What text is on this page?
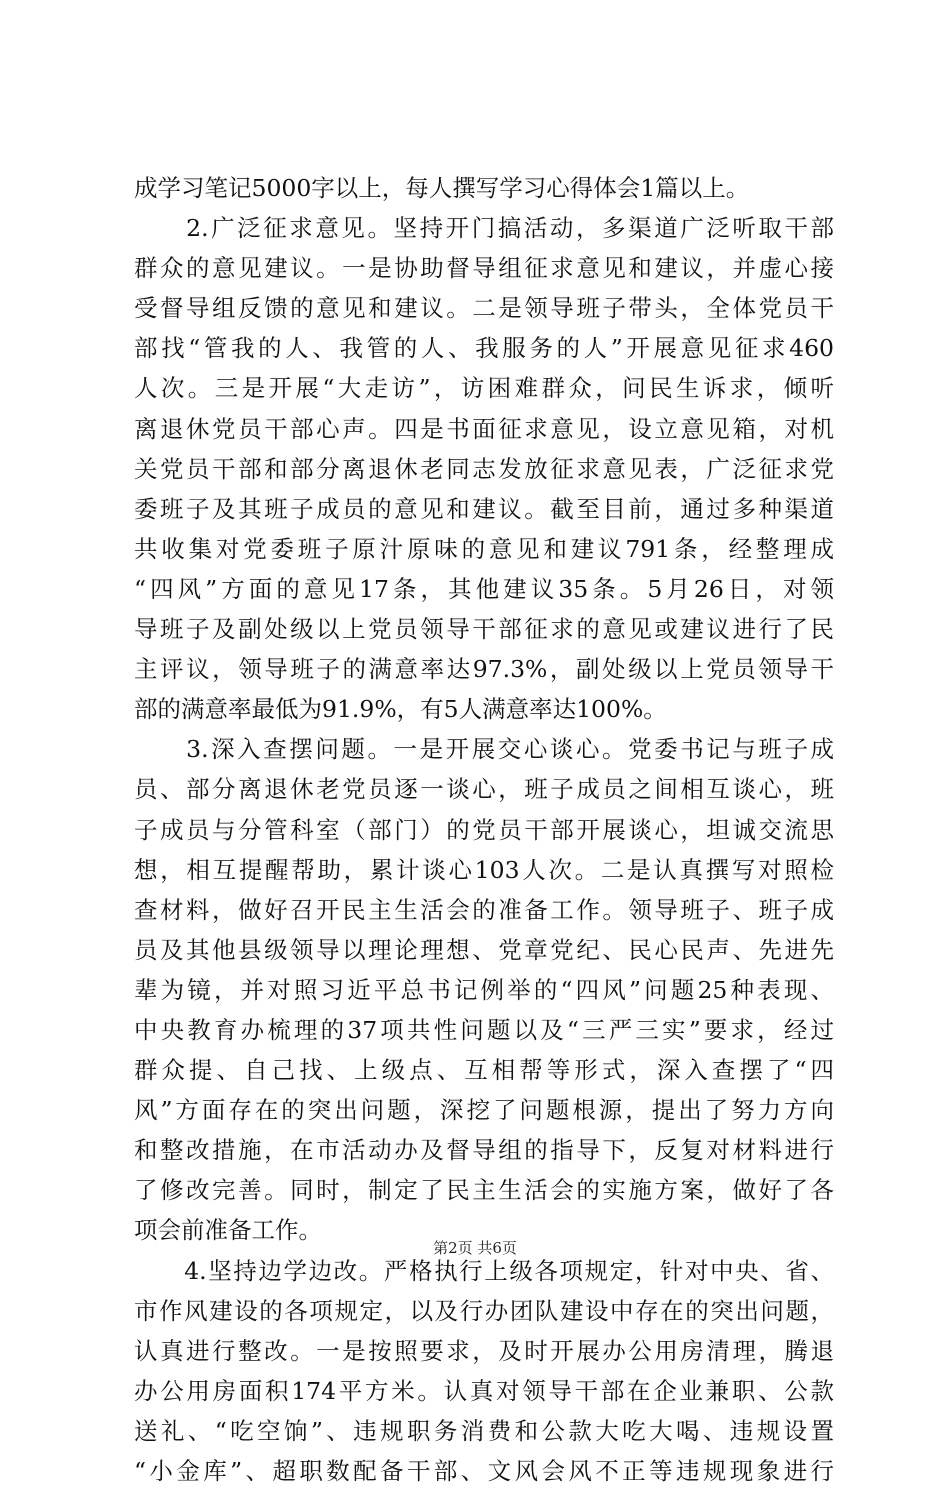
成学习笔记5000字以上，每人撰写学习心得体会1篇以上。
　　2.广泛征求意见。坚持开门搞活动，多渠道广泛听取干部
群众的意见建议。一是协助督导组征求意见和建议，并虚心接
受督导组反馈的意见和建议。二是领导班子带头，全体党员干
部找“管我的人、我管的人、我服务的人”开展意见征求460
人次。三是开展“大走访”，访困难群众，问民生诉求，倾听
离退休党员干部心声。四是书面征求意见，设立意见箱，对机
关党员干部和部分离退休老同志发放征求意见表，广泛征求党
委班子及其班子成员的意见和建议。截至目前，通过多种渠道
共收集对党委班子原汁原味的意见和建议791条，经整理成
“四风”方面的意见17条，其他建议35条。5月26日，对领
导班子及副处级以上党员领导干部征求的意见或建议进行了民
主评议，领导班子的满意率达97.3%，副处级以上党员领导干
部的满意率最低为91.9%，有5人满意率达100%。
　　3.深入查摆问题。一是开展交心谈心。党委书记与班子成
员、部分离退休老党员逐一谈心，班子成员之间相互谈心，班
子成员与分管科室（部门）的党员干部开展谈心，坦诚交流思
想，相互提醒帮助，累计谈心103人次。二是认真撰写对照检
查材料，做好召开民主生活会的准备工作。领导班子、班子成
员及其他县级领导以理论理想、党章党纪、民心民声、先进先
辈为镜，并对照习近平总书记例举的“四风”问题25种表现、
中央教育办梳理的37项共性问题以及“三严三实”要求，经过
群众提、自己找、上级点、互相帮等形式，深入查摆了“四
风”方面存在的突出问题，深挖了问题根源，提出了努力方向
和整改措施，在市活动办及督导组的指导下，反复对材料进行
了修改完善。同时，制定了民主生活会的实施方案，做好了各
项会前准备工作。
　　4.坚持边学边改。严格执行上级各项规定，针对中央、省、
市作风建设的各项规定，以及行办团队建设中存在的突出问题，
认真进行整改。一是按照要求，及时开展办公用房清理，腾退
办公用房面积174平方米。认真对领导干部在企业兼职、公款
送礼、“吃空饷”、违规职务消费和公款大吃大喝、违规设置
“小金库”、超职数配备干部、文风会风不正等违规现象进行
第2页 共6页
